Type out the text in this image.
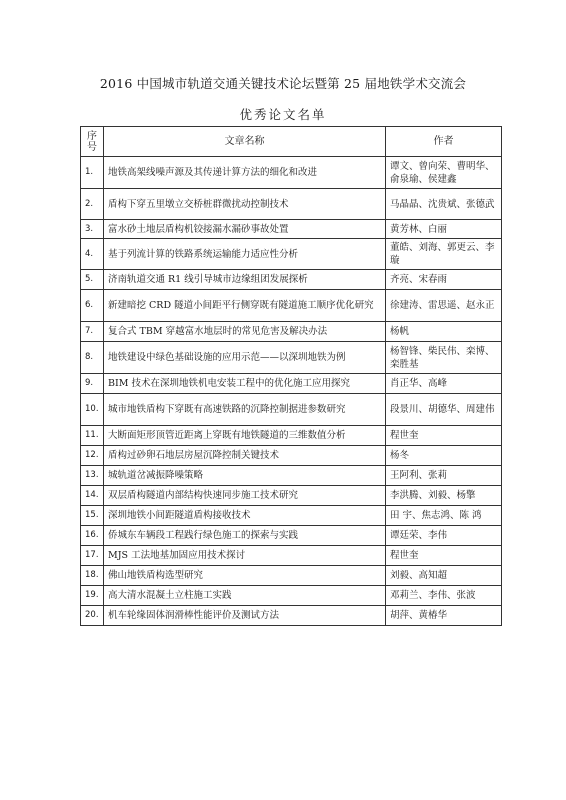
2016 中国城市轨道交通关键技术论坛暨第 25 届地铁学术交流会
优秀论文名单
序
号	文章名称	作者
1.	地铁高架线噪声源及其传递计算方法的细化和改进	谭文、曾向荣、曹明华、俞泉瑜、侯建鑫
2.	盾构下穿五里墩立交桥桩群微扰动控制技术	马晶晶、沈贵斌、张德武
3.	富水砂土地层盾构机铰接漏水漏砂事故处置	黄芳林、白丽
4.	基于列流计算的铁路系统运输能力适应性分析	董皓、刘海、郭更云、李璇
5.	济南轨道交通 R1 线引导城市边缘组团发展探析	齐亮、宋春雨
6.	新建暗挖 CRD 隧道小间距平行侧穿既有隧道施工顺序优化研究	徐建涛、雷思遥、赵永正
7.	复合式 TBM 穿越富水地层时的常见危害及解决办法	杨帆
8.	地铁建设中绿色基础设施的应用示范——以深圳地铁为例	杨智锋、柴民伟、栾博、栾胜基
9.	BIM 技术在深圳地铁机电安装工程中的优化施工应用探究	肖正华、高峰
10.	城市地铁盾构下穿既有高速铁路的沉降控制据进参数研究	段景川、胡德华、周建伟
11.	大断面矩形顶管近距离上穿既有地铁隧道的三维数值分析	程世奎
12.	盾构过砂卵石地层房屋沉降控制关键技术	杨冬
13.	城轨道岔减振降噪策略	王阿利、张莉
14.	双层盾构隧道内部结构快速同步施工技术研究	李洪腾、刘毅、杨擎
15.	深圳地铁小间距隧道盾构接收技术	田 宇、焦志鸿、陈 鸿
16.	侨城东车辆段工程践行绿色施工的探索与实践	谭廷荣、李伟
17.	MJS 工法地基加固应用技术探讨	程世奎
18.	佛山地铁盾构选型研究	刘毅、高知超
19.	高大清水混凝土立柱施工实践	邓莉兰、李伟、张波
20.	机车轮缘固体润滑棒性能评价及测试方法	胡萍、黄椿华
